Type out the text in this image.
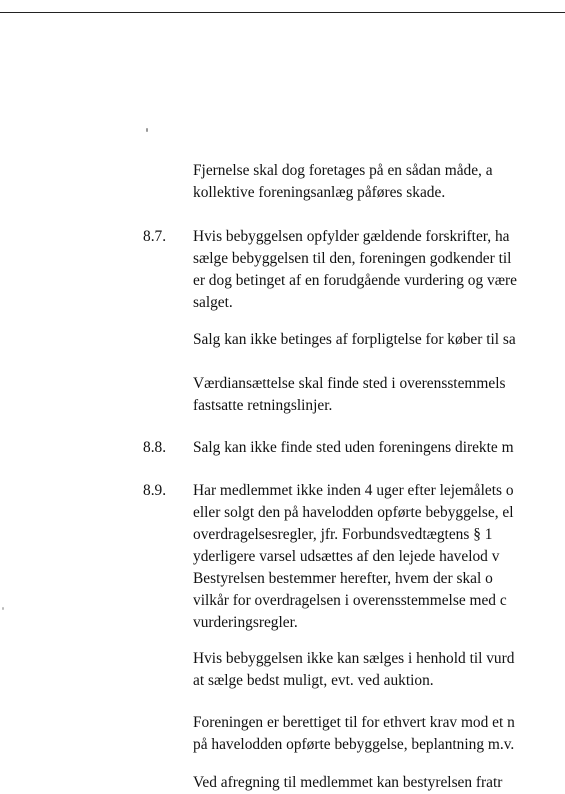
Fjernelse skal dog foretages på en sådan måde, a
kollektive foreningsanlæg påføres skade.
8.7. Hvis bebyggelsen opfylder gældende forskrifter, ha
sælge bebyggelsen til den, foreningen godkender til
er dog betinget af en forudgående vurdering og være
salget.
Salg kan ikke betinges af forpligtelse for køber til sa
Værdiansættelse skal finde sted i overensstemmels
fastsatte retningslinjer.
8.8. Salg kan ikke finde sted uden foreningens direkte m
8.9. Har medlemmet ikke inden 4 uger efter lejemålets o
eller solgt den på havelodden opførte bebyggelse, el
overdragelsesregler, jfr. Forbundsvedtægtens § 1
yderligere varsel udsættes af den lejede havelod v
Bestyrelsen bestemmer herefter, hvem der skal o
vilkår for overdragelsen i overensstemmelse med c
vurderingsregler.
Hvis bebyggelsen ikke kan sælges i henhold til vurd
at sælge bedst muligt, evt. ved auktion.
Foreningen er berettiget til for ethvert krav mod et n
på havelodden opførte bebyggelse, beplantning m.v.
Ved afregning til medlemmet kan bestyrelsen fratr
